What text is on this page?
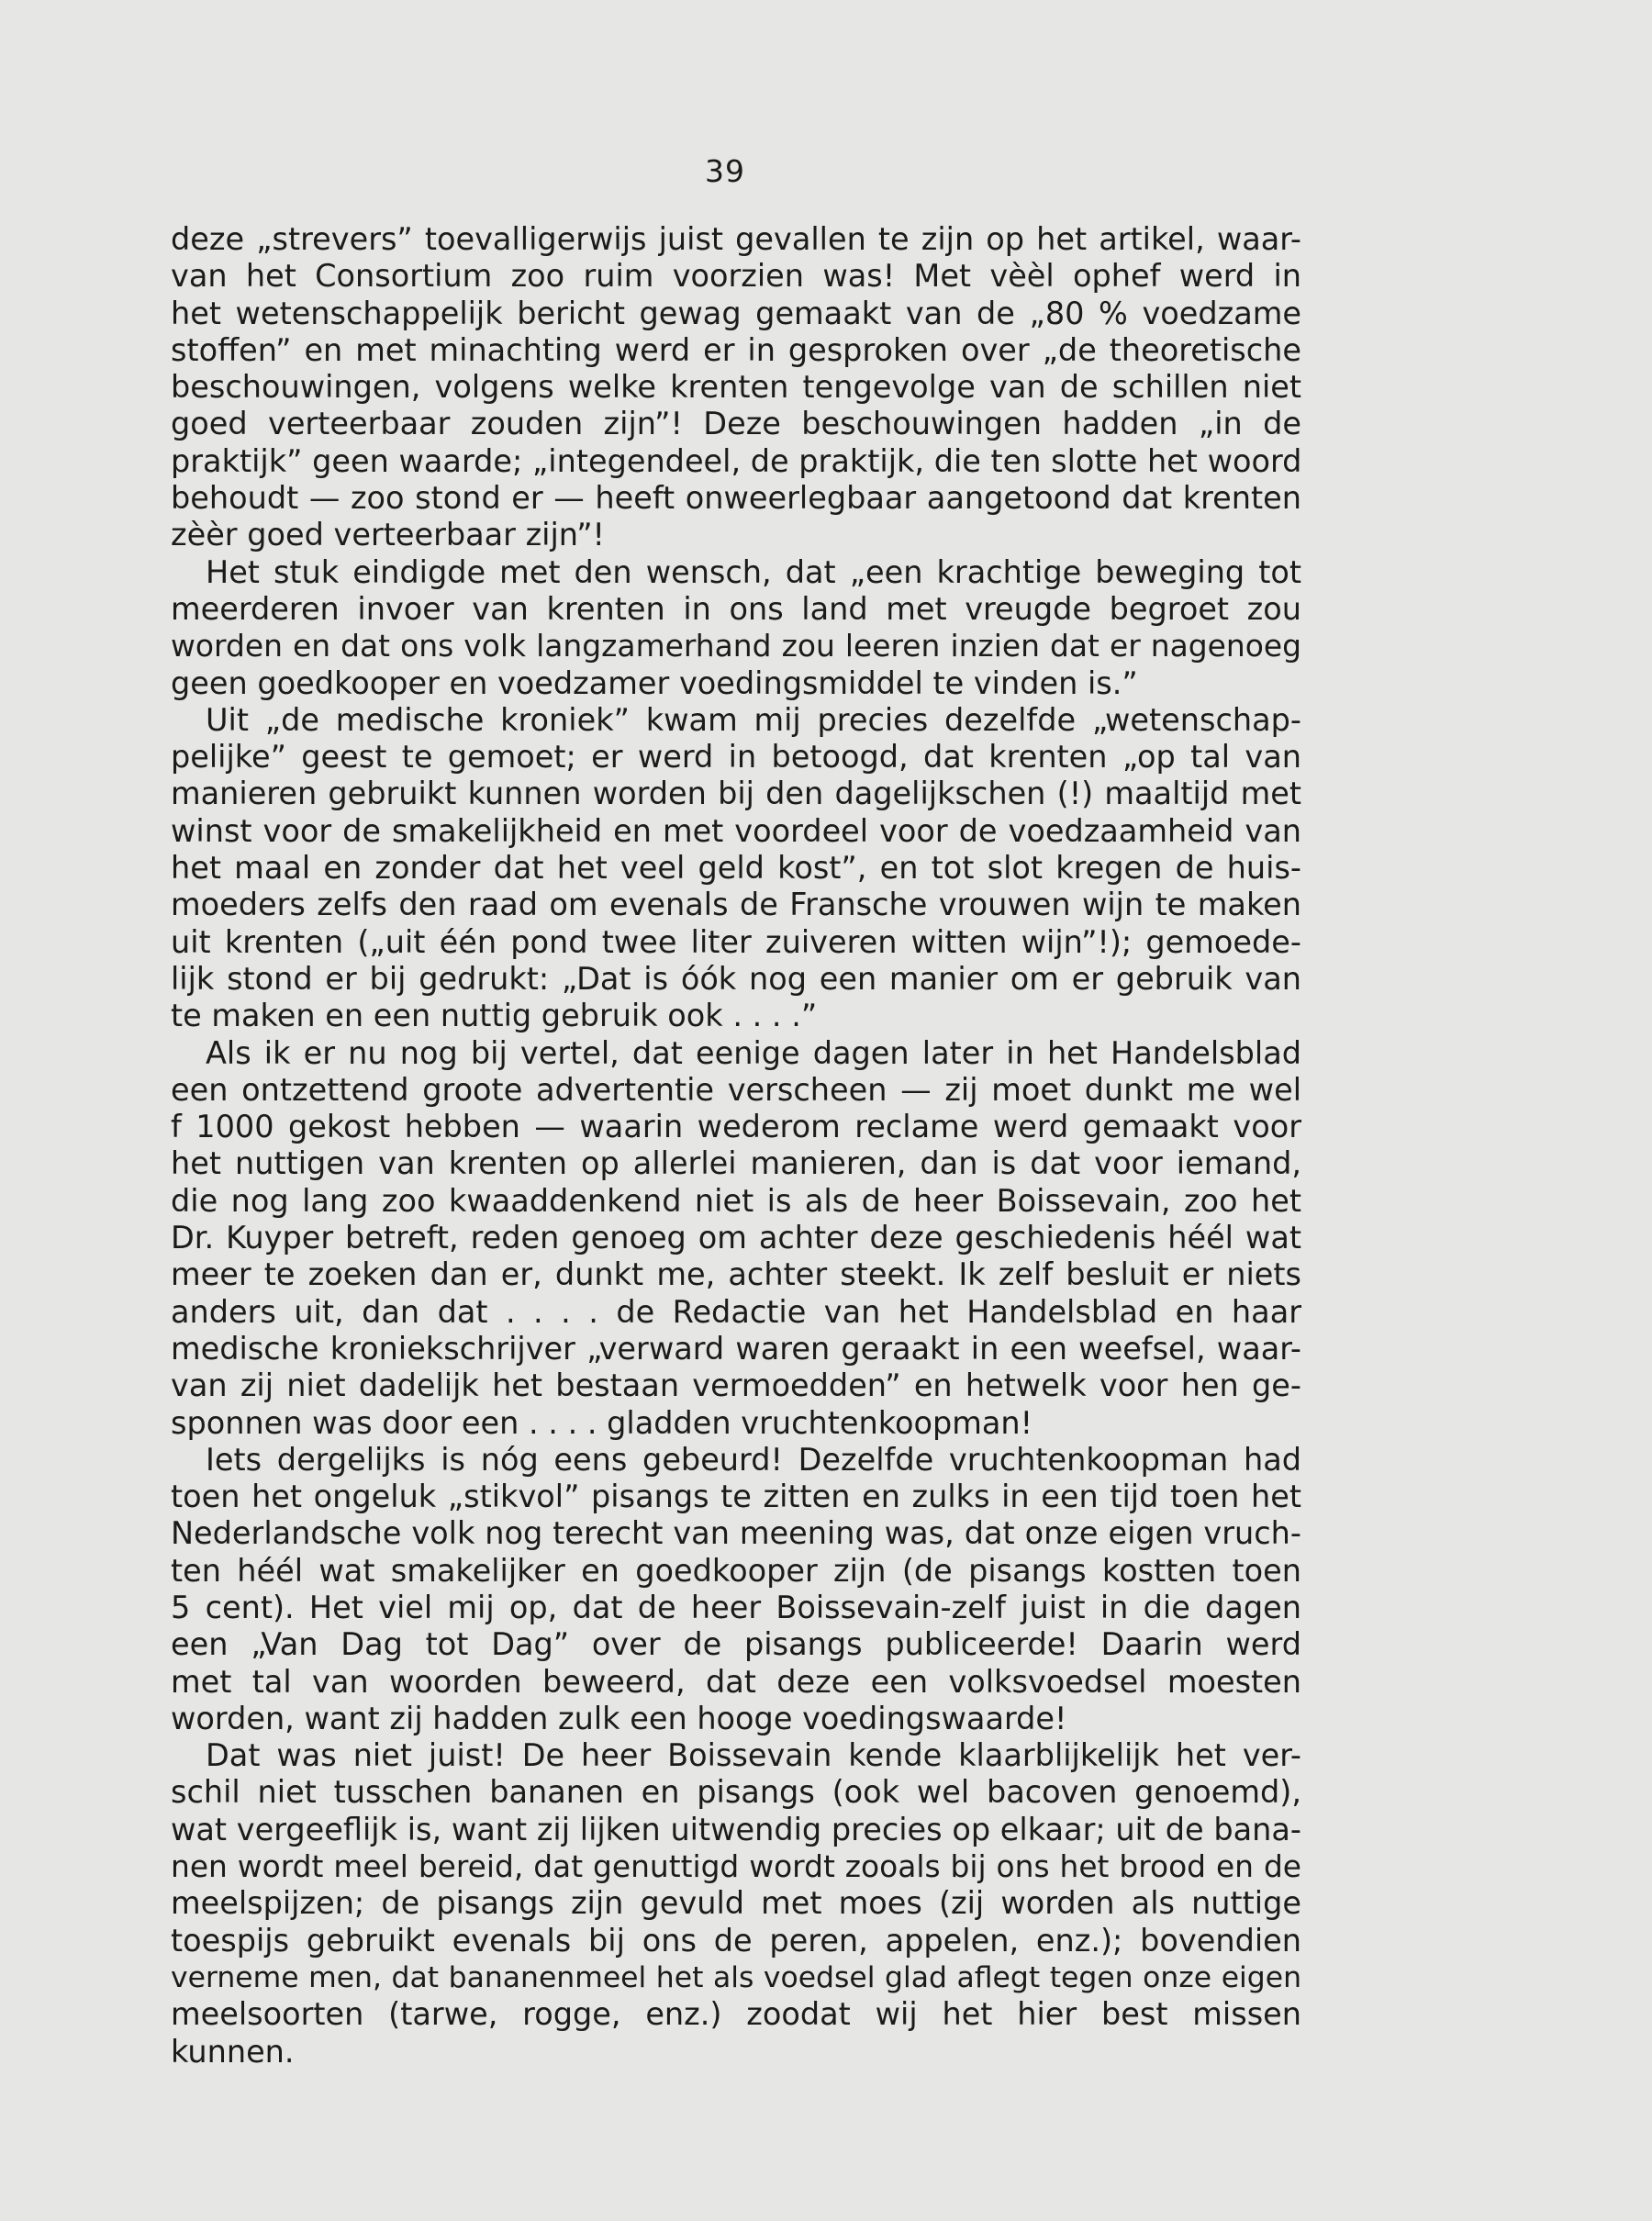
39
deze „strevers” toevalligerwijs juist gevallen te zijn op het artikel, waar-
van het Consortium zoo ruim voorzien was! Met vèèl ophef werd in
het wetenschappelijk bericht gewag gemaakt van de „80 % voedzame
stoffen” en met minachting werd er in gesproken over „de theoretische
beschouwingen, volgens welke krenten tengevolge van de schillen niet
goed verteerbaar zouden zijn”! Deze beschouwingen hadden „in de
praktijk” geen waarde; „integendeel, de praktijk, die ten slotte het woord
behoudt — zoo stond er — heeft onweerlegbaar aangetoond dat krenten
zèèr goed verteerbaar zijn”!
Het stuk eindigde met den wensch, dat „een krachtige beweging tot
meerderen invoer van krenten in ons land met vreugde begroet zou
worden en dat ons volk langzamerhand zou leeren inzien dat er nagenoeg
geen goedkooper en voedzamer voedingsmiddel te vinden is.”
Uit „de medische kroniek” kwam mij precies dezelfde „wetenschap-
pelijke” geest te gemoet; er werd in betoogd, dat krenten „op tal van
manieren gebruikt kunnen worden bij den dagelijkschen (!) maaltijd met
winst voor de smakelijkheid en met voordeel voor de voedzaamheid van
het maal en zonder dat het veel geld kost”, en tot slot kregen de huis-
moeders zelfs den raad om evenals de Fransche vrouwen wijn te maken
uit krenten („uit één pond twee liter zuiveren witten wijn”!); gemoede-
lijk stond er bij gedrukt: „Dat is óók nog een manier om er gebruik van
te maken en een nuttig gebruik ook . . . .”
Als ik er nu nog bij vertel, dat eenige dagen later in het Handelsblad
een ontzettend groote advertentie verscheen — zij moet dunkt me wel
f 1000 gekost hebben — waarin wederom reclame werd gemaakt voor
het nuttigen van krenten op allerlei manieren, dan is dat voor iemand,
die nog lang zoo kwaaddenkend niet is als de heer Boissevain, zoo het
Dr. Kuyper betreft, reden genoeg om achter deze geschiedenis héél wat
meer te zoeken dan er, dunkt me, achter steekt. Ik zelf besluit er niets
anders uit, dan dat . . . . de Redactie van het Handelsblad en haar
medische kroniekschrijver „verward waren geraakt in een weefsel, waar-
van zij niet dadelijk het bestaan vermoedden” en hetwelk voor hen ge-
sponnen was door een . . . . gladden vruchtenkoopman!
Iets dergelijks is nóg eens gebeurd! Dezelfde vruchtenkoopman had
toen het ongeluk „stikvol” pisangs te zitten en zulks in een tijd toen het
Nederlandsche volk nog terecht van meening was, dat onze eigen vruch-
ten héél wat smakelijker en goedkooper zijn (de pisangs kostten toen
5 cent). Het viel mij op, dat de heer Boissevain-zelf juist in die dagen
een „Van Dag tot Dag” over de pisangs publiceerde! Daarin werd
met tal van woorden beweerd, dat deze een volksvoedsel moesten
worden, want zij hadden zulk een hooge voedingswaarde!
Dat was niet juist! De heer Boissevain kende klaarblijkelijk het ver-
schil niet tusschen bananen en pisangs (ook wel bacoven genoemd),
wat vergeeflijk is, want zij lijken uitwendig precies op elkaar; uit de bana-
nen wordt meel bereid, dat genuttigd wordt zooals bij ons het brood en de
meelspijzen; de pisangs zijn gevuld met moes (zij worden als nuttige
toespijs gebruikt evenals bij ons de peren, appelen, enz.); bovendien
verneme men, dat bananenmeel het als voedsel glad aflegt tegen onze eigen
meelsoorten (tarwe, rogge, enz.) zoodat wij het hier best missen
kunnen.
